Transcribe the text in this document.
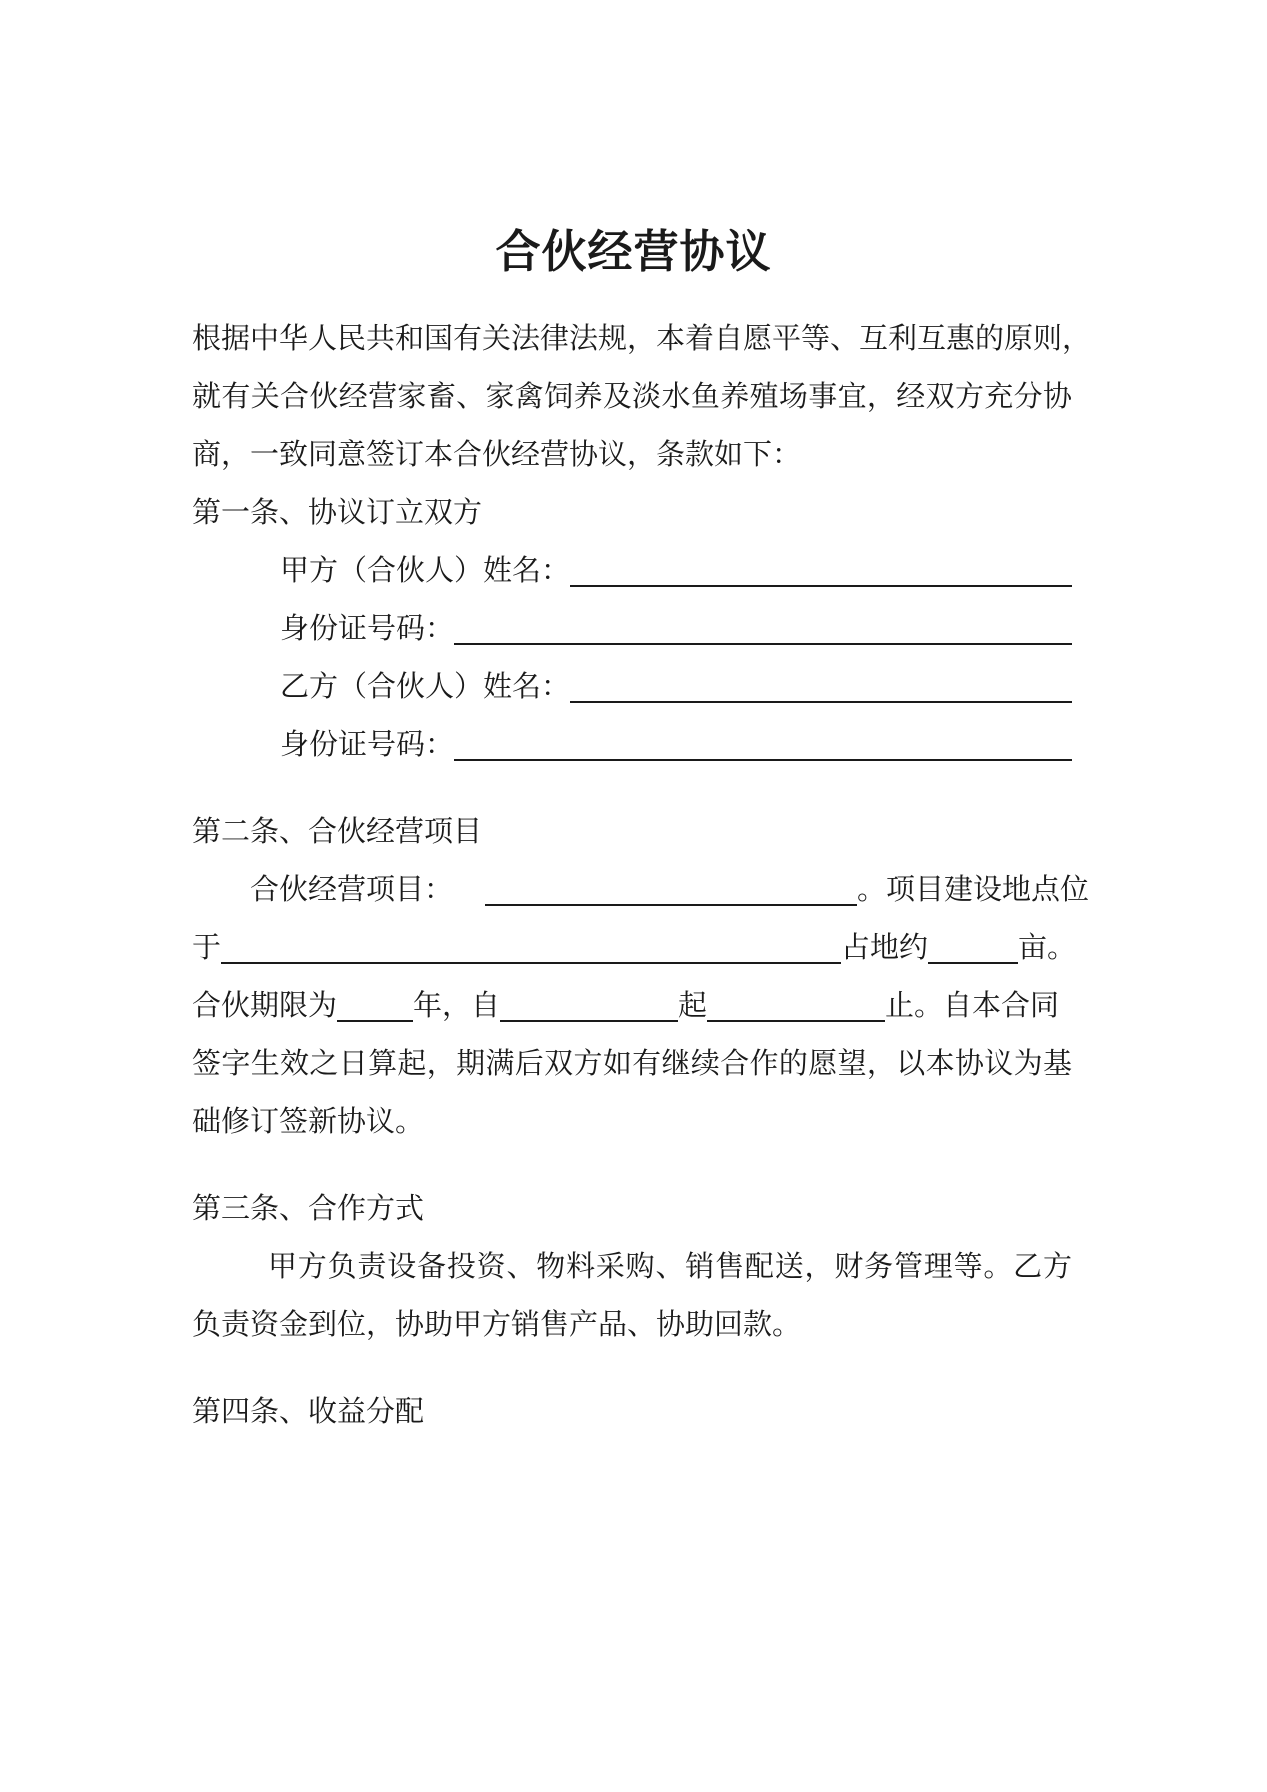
合伙经营协议
根据中华人民共和国有关法律法规，本着自愿平等、互利互惠的原则，
就有关合伙经营家畜、家禽饲养及淡水鱼养殖场事宜，经双方充分协
商，一致同意签订本合伙经营协议，条款如下：
第一条、协议订立双方
甲方（合伙人）姓名：
身份证号码：
乙方（合伙人）姓名：
身份证号码：
第二条、合伙经营项目
合伙经营项目：	。项目建设地点位
于	占地约	亩。
合伙期限为	年，自	起	止。自本合同
签字生效之日算起，期满后双方如有继续合作的愿望，以本协议为基
础修订签新协议。
第三条、合作方式
甲方负责设备投资、物料采购、销售配送，财务管理等。乙方
负责资金到位，协助甲方销售产品、协助回款。
第四条、收益分配
